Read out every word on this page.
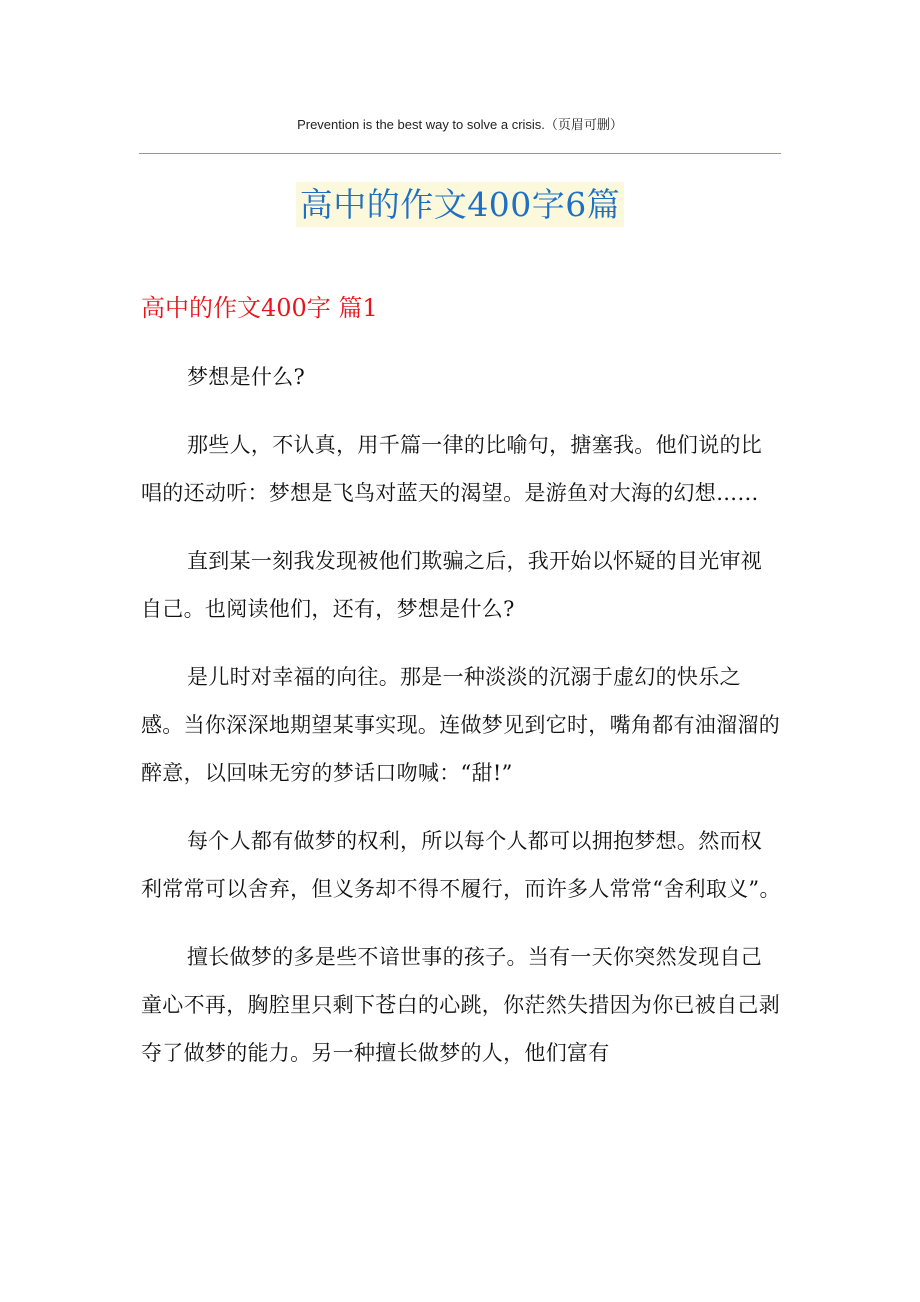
Prevention is the best way to solve a crisis.（页眉可删）
高中的作文400字6篇
高中的作文400字 篇1

梦想是什么?

那些人，不认真，用千篇一律的比喻句，搪塞我。他们说的比唱的还动听：梦想是飞鸟对蓝天的渴望。是游鱼对大海的幻想……

直到某一刻我发现被他们欺骗之后，我开始以怀疑的目光审视自己。也阅读他们，还有，梦想是什么?

是儿时对幸福的向往。那是一种淡淡的沉溺于虚幻的快乐之感。当你深深地期望某事实现。连做梦见到它时，嘴角都有油溜溜的醉意，以回味无穷的梦话口吻喊：“甜!”

每个人都有做梦的权利，所以每个人都可以拥抱梦想。然而权利常常可以舍弃，但义务却不得不履行，而许多人常常“舍利取义”。

擅长做梦的多是些不谙世事的孩子。当有一天你突然发现自己童心不再，胸腔里只剩下苍白的心跳，你茫然失措因为你已被自己剥夺了做梦的能力。另一种擅长做梦的人，他们富有
